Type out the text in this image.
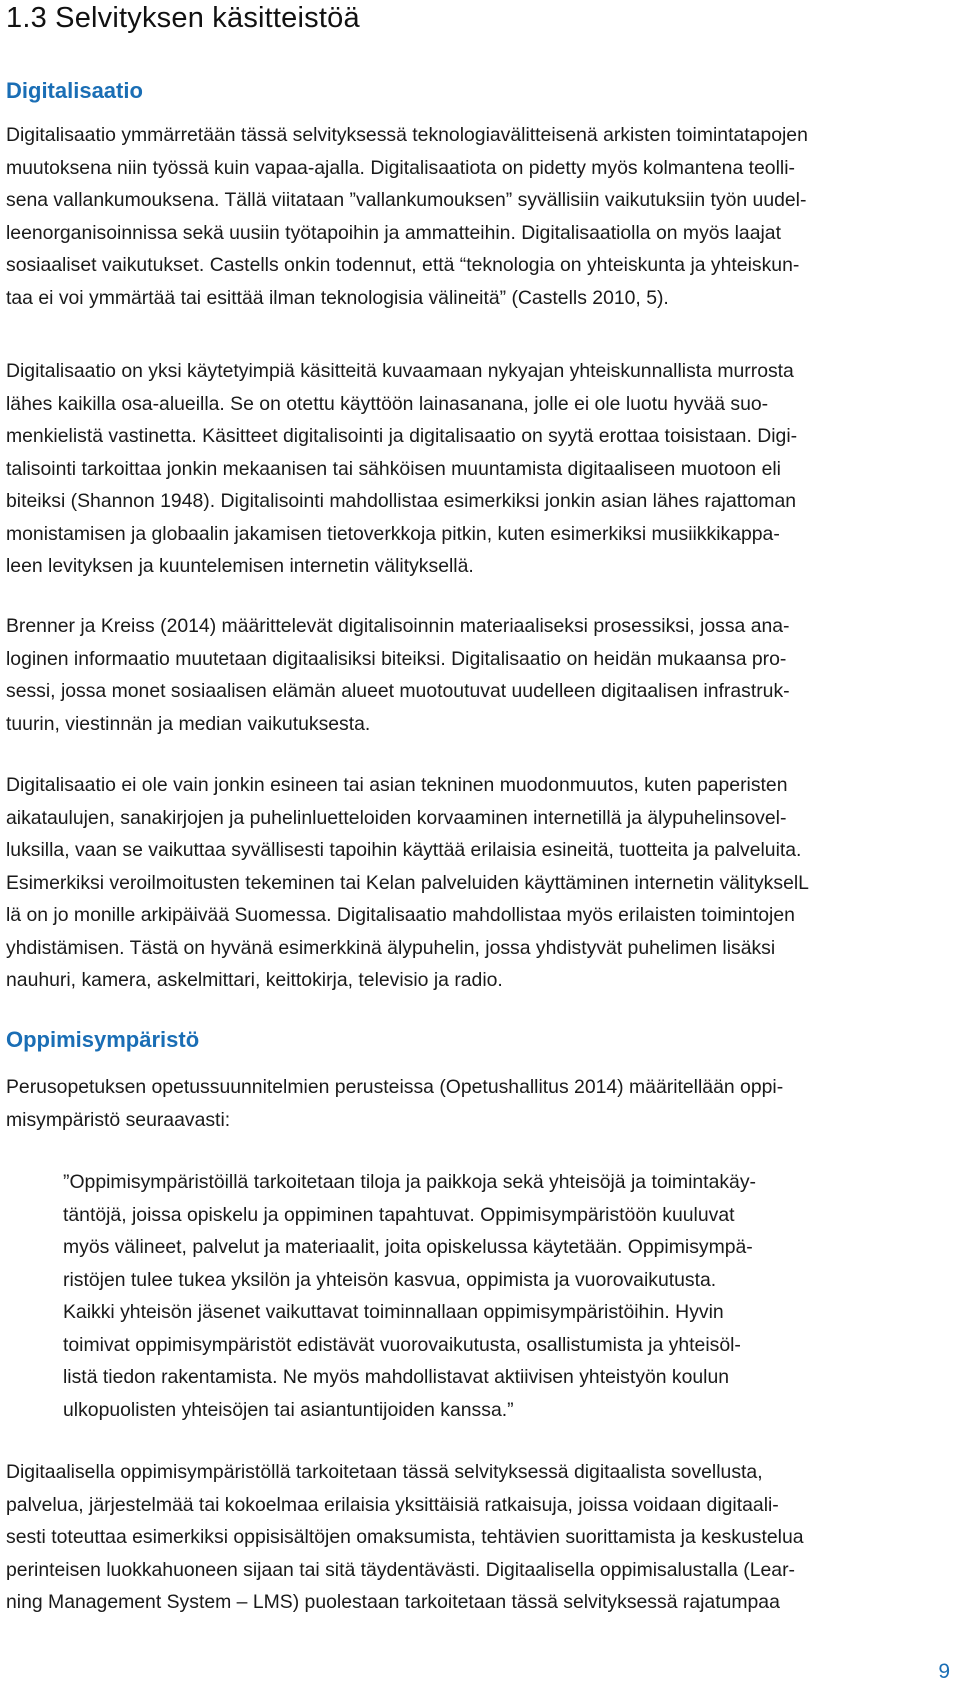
1.3 Selvityksen käsitteistöä
Digitalisaatio

Digitalisaatio ymmärretään tässä selvityksessä teknologiavälitteisenä arkisten toimintatapojen
muutoksena niin työssä kuin vapaa-ajalla. Digitalisaatiota on pidetty myös kolmantena teolli-
sena vallankumouksena. Tällä viitataan ”vallankumouksen” syvällisiin vaikutuksiin työn uudel-
leenorganisoinnissa sekä uusiin työtapoihin ja ammatteihin. Digitalisaatiolla on myös laajat
sosiaaliset vaikutukset. Castells onkin todennut, että “teknologia on yhteiskunta ja yhteiskun-
taa ei voi ymmärtää tai esittää ilman teknologisia välineitä” (Castells 2010, 5).

Digitalisaatio on yksi käytetyimpiä käsitteitä kuvaamaan nykyajan yhteiskunnallista murrosta
lähes kaikilla osa-alueilla. Se on otettu käyttöön lainasanana, jolle ei ole luotu hyvää suo-
menkielistä vastinetta. Käsitteet digitalisointi ja digitalisaatio on syytä erottaa toisistaan. Digi-
talisointi tarkoittaa jonkin mekaanisen tai sähköisen muuntamista digitaaliseen muotoon eli
biteiksi (Shannon 1948). Digitalisointi mahdollistaa esimerkiksi jonkin asian lähes rajattoman
monistamisen ja globaalin jakamisen tietoverkkoja pitkin, kuten esimerkiksi musiikkikappa-
leen levityksen ja kuuntelemisen internetin välityksellä.

Brenner ja Kreiss (2014) määrittelevät digitalisoinnin materiaaliseksi prosessiksi, jossa ana-
loginen informaatio muutetaan digitaalisiksi biteiksi. Digitalisaatio on heidän mukaansa pro-
sessi, jossa monet sosiaalisen elämän alueet muotoutuvat uudelleen digitaalisen infrastruk-
tuurin, viestinnän ja median vaikutuksesta.

Digitalisaatio ei ole vain jonkin esineen tai asian tekninen muodonmuutos, kuten paperisten
aikataulujen, sanakirjojen ja puhelinluetteloiden korvaaminen internetillä ja älypuhelinsovel-
luksilla, vaan se vaikuttaa syvällisesti tapoihin käyttää erilaisia esineitä, tuotteita ja palveluita.
Esimerkiksi veroilmoitusten tekeminen tai Kelan palveluiden käyttäminen internetin välitykselL
lä on jo monille arkipäivää Suomessa. Digitalisaatio mahdollistaa myös erilaisten toimintojen
yhdistämisen. Tästä on hyvänä esimerkkinä älypuhelin, jossa yhdistyvät puhelimen lisäksi
nauhuri, kamera, askelmittari, keittokirja, televisio ja radio.

Oppimisympäristö

Perusopetuksen opetussuunnitelmien perusteissa (Opetushallitus 2014) määritellään oppi-
misympäristö seuraavasti:

”Oppimisympäristöillä tarkoitetaan tiloja ja paikkoja sekä yhteisöjä ja toimintakäy-
täntöjä, joissa opiskelu ja oppiminen tapahtuvat. Oppimisympäristöön kuuluvat
myös välineet, palvelut ja materiaalit, joita opiskelussa käytetään. Oppimisympä-
ristöjen tulee tukea yksilön ja yhteisön kasvua, oppimista ja vuorovaikutusta.
Kaikki yhteisön jäsenet vaikuttavat toiminnallaan oppimisympäristöihin. Hyvin
toimivat oppimisympäristöt edistävät vuorovaikutusta, osallistumista ja yhteisöl-
listä tiedon rakentamista. Ne myös mahdollistavat aktiivisen yhteistyön koulun
ulkopuolisten yhteisöjen tai asiantuntijoiden kanssa.”

Digitaalisella oppimisympäristöllä tarkoitetaan tässä selvityksessä digitaalista sovellusta,
palvelua, järjestelmää tai kokoelmaa erilaisia yksittäisiä ratkaisuja, joissa voidaan digitaali-
sesti toteuttaa esimerkiksi oppisisältöjen omaksumista, tehtävien suorittamista ja keskustelua
perinteisen luokkahuoneen sijaan tai sitä täydentävästi. Digitaalisella oppimisalustalla (Lear-
ning Management System – LMS) puolestaan tarkoitetaan tässä selvityksessä rajatumpaa

9
